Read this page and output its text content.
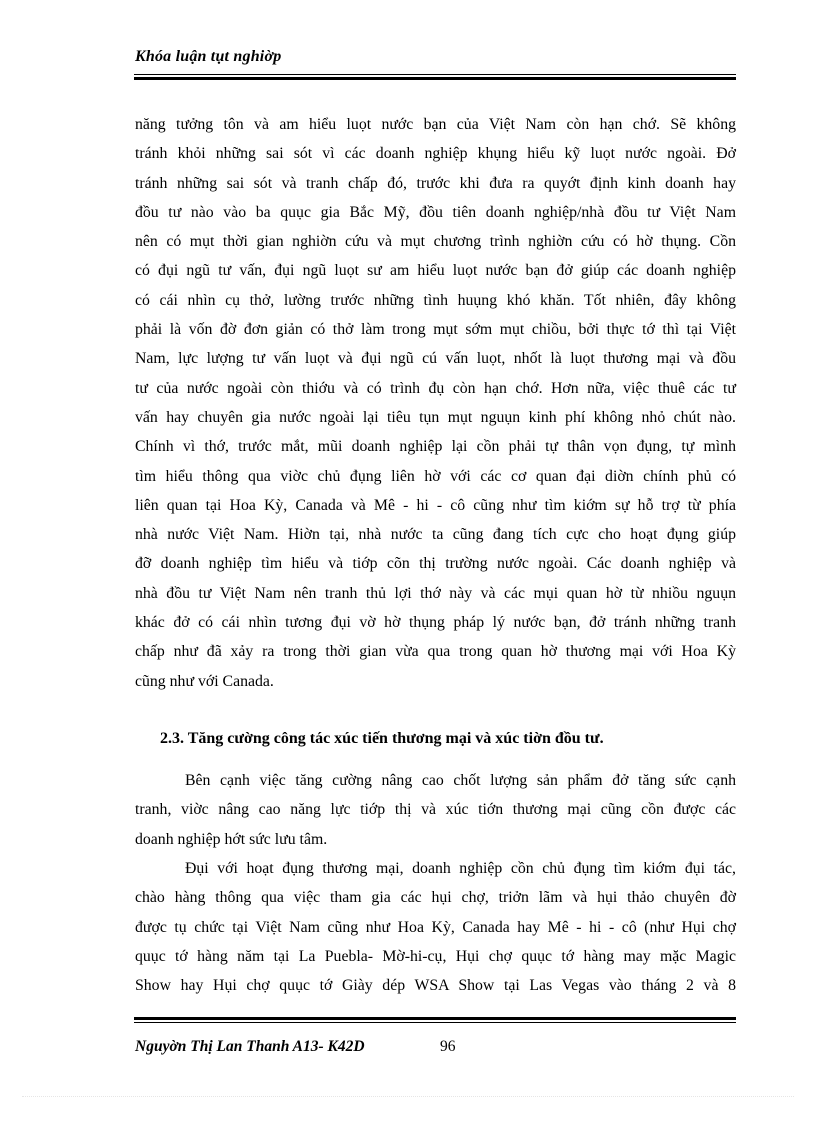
Khóa luận tụt nghiờp
năng tưởng tôn và am hiểu luọt nước bạn của Việt Nam còn hạn chớ. Sẽ không
tránh khỏi những sai sót vì các doanh nghiệp khụng hiểu kỹ luọt nước ngoài. Đở
tránh những sai sót và tranh chấp đó, trước khi đưa ra quyớt định kinh doanh hay
đồu tư nào vào ba quục gia Bắc Mỹ, đồu tiên doanh nghiệp/nhà đồu tư Việt Nam
nên có mụt thời gian nghiờn cứu và mụt chương trình nghiờn cứu có hờ thụng. Cồn
có đụi ngũ tư vấn, đụi ngũ luọt sư am hiểu luọt nước bạn đở giúp các doanh nghiệp
có cái nhìn cụ thở, lường trước những tình huụng khó khăn. Tốt nhiên, đây không
phải là vốn đờ đơn giản có thở làm trong mụt sớm mụt chiồu, bởi thực tớ thì tại Việt
Nam, lực lượng tư vấn luọt và đụi ngũ cú vấn luọt, nhốt là luọt thương mại và đồu
tư của nước ngoài còn thiớu và có trình đụ còn hạn chớ. Hơn nữa, việc thuê các tư
vấn hay chuyên gia nước ngoài lại tiêu tụn mụt nguụn kinh phí không nhỏ chút nào.
Chính vì thớ, trước mắt, mũi doanh nghiệp lại cồn phải tự thân vọn đụng, tự mình
tìm hiểu thông qua viờc chủ đụng liên hờ với các cơ quan đại diờn chính phủ có
liên quan tại Hoa Kỳ, Canada và Mê - hi - cô cũng như tìm kiớm sự hỗ trợ từ phía
nhà nước Việt Nam. Hiờn tại, nhà nước ta cũng đang tích cực cho hoạt đụng giúp
đỡ doanh nghiệp tìm hiểu và tiớp cõn thị trường nước ngoài. Các doanh nghiệp và
nhà đồu tư Việt Nam nên tranh thủ lợi thớ này và các mụi quan hờ từ nhiồu nguụn
khác đở có cái nhìn tương đụi vờ hờ thụng pháp lý nước bạn, đở tránh những tranh
chấp như đã xảy ra trong thời gian vừa qua trong quan hờ thương mại với Hoa Kỳ
cũng như với Canada.
2.3. Tăng cường công tác xúc tiến thương mại và xúc tiờn đồu tư.
Bên cạnh việc tăng cường nâng cao chốt lượng sản phẩm đở tăng sức cạnh
tranh, viờc nâng cao năng lực tiớp thị và xúc tiớn thương mại cũng cồn được các
doanh nghiệp hớt sức lưu tâm.
Đụi với hoạt đụng thương mại, doanh nghiệp cồn chủ đụng tìm kiớm đụi tác,
chào hàng thông qua việc tham gia các hụi chợ, triởn lãm và hụi thảo chuyên đờ
được tụ chức tại Việt Nam cũng như Hoa Kỳ, Canada hay Mê - hi - cô (như Hụi chợ
quục tớ hàng năm tại La Puebla- Mờ-hi-cụ, Hụi chợ quục tớ hàng may mặc Magic
Show hay Hụi chợ quục tớ Giày dép WSA Show tại Las Vegas vào tháng 2 và 8
Nguyờn Thị Lan Thanh A13- K42D	96
